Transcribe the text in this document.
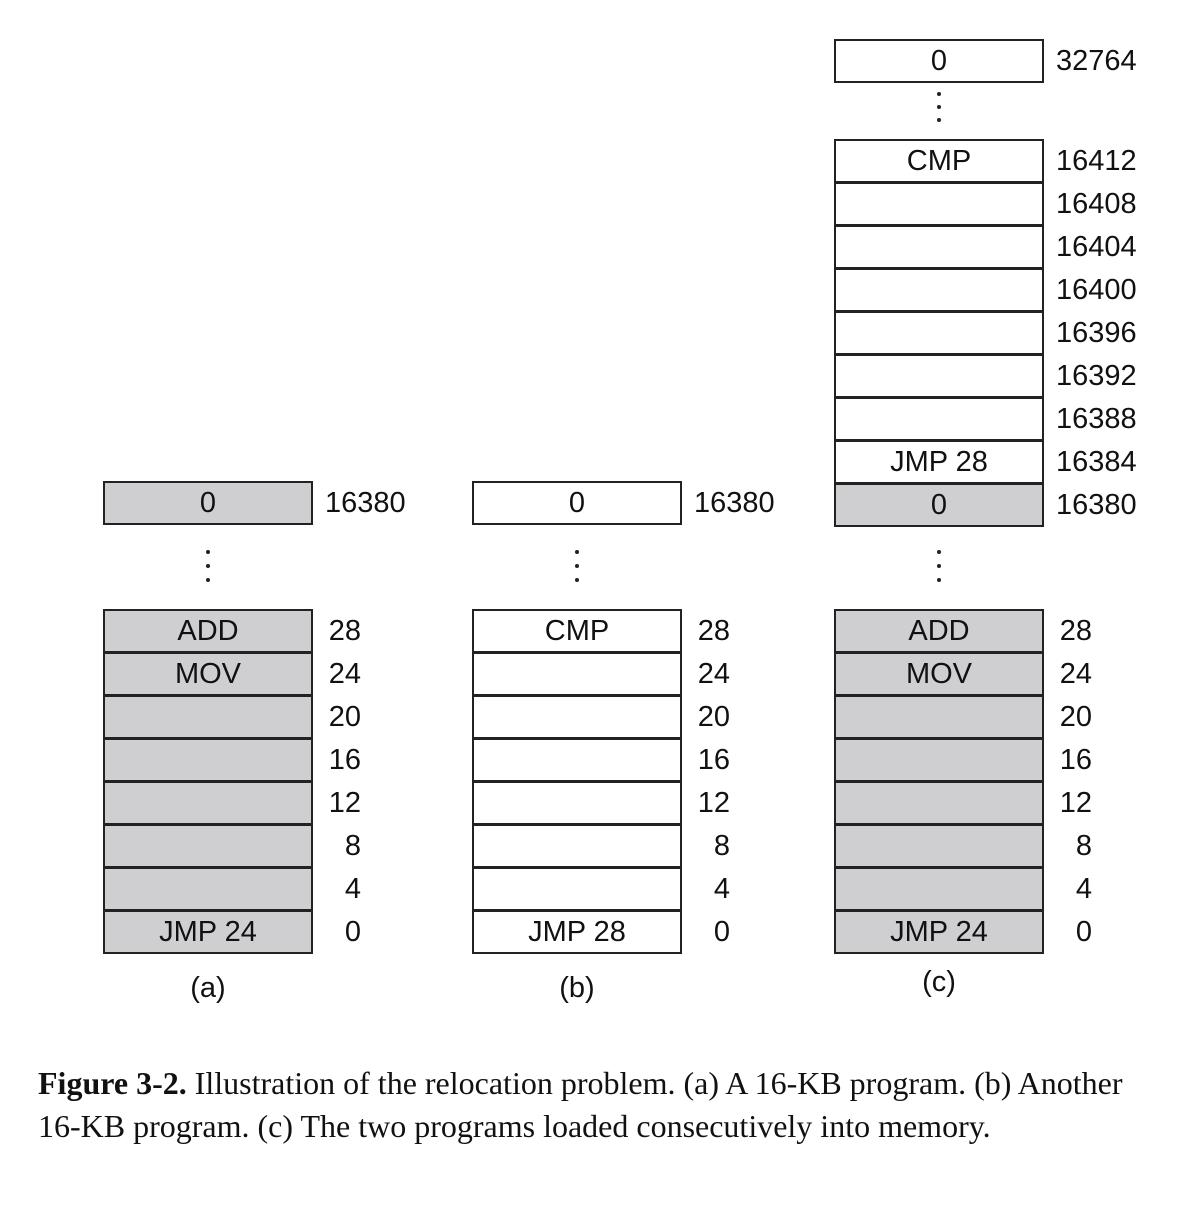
ADD	28
MOV	24
20
16
12
8
4
JMP 24	0
0	16380
(a)
CMP	28
24
20
16
12
8
4
JMP 28	0
0	16380
(b)
ADD	28
MOV	24
20
16
12
8
4
JMP 24	0
0	32764
CMP	16412
16408
16404
16400
16396
16392
16388
JMP 28 16384
0	16380
(c)
Figure 3-2. Illustration of the relocation problem. (a) A 16-KB program. (b) Another 16-KB program. (c) The two programs loaded consecutively into memory.
